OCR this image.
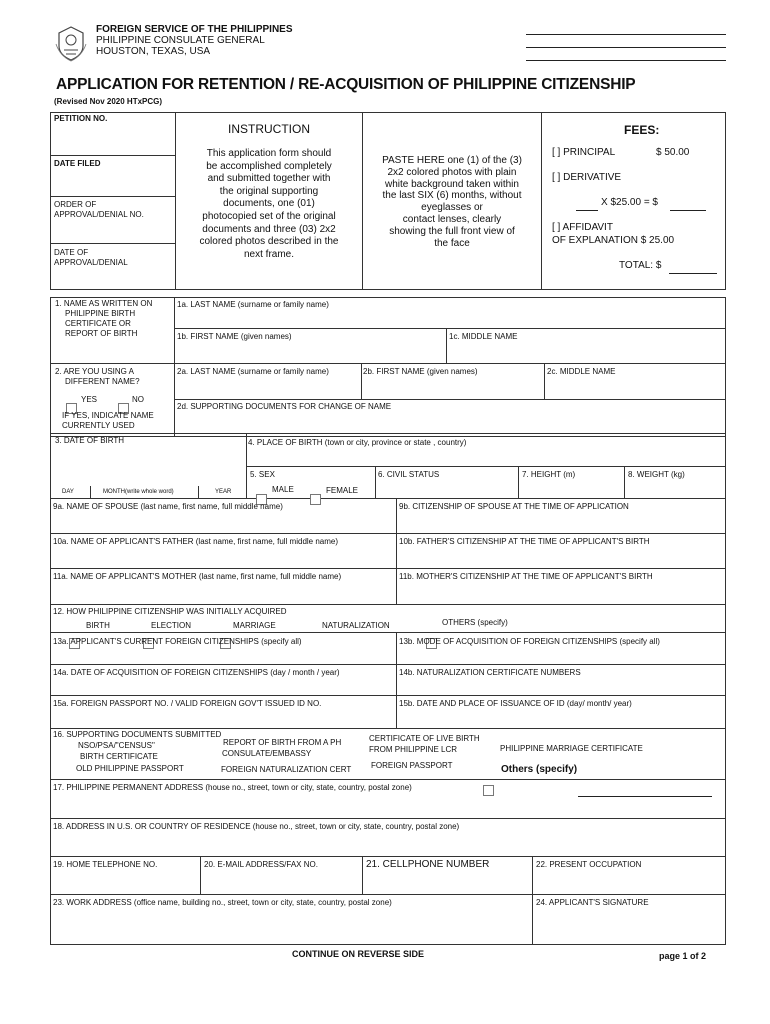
FOREIGN SERVICE OF THE PHILIPPINES
PHILIPPINE CONSULATE GENERAL
HOUSTON, TEXAS, USA
APPLICATION FOR RETENTION / RE-ACQUISITION OF PHILIPPINE CITIZENSHIP
(Revised Nov 2020 HTxPCG)
PETITION NO.
DATE FILED
ORDER OF
APPROVAL/DENIAL NO.
DATE OF
APPROVAL/DENIAL
INSTRUCTION
This application form should
be accomplished completely
and submitted together with
the original supporting
documents, one (01)
photocopied set of the original
documents and three (03) 2x2
colored photos described in the
next frame.
PASTE HERE one (1) of the (3)
2x2 colored photos with plain
white background taken within
the last SIX (6) months, without
eyeglasses or
contact lenses, clearly
showing the full front view of
the face
FEES:
[ ] PRINCIPAL	$ 50.00
[ ] DERIVATIVE
X $25.00 = $
[ ] AFFIDAVIT
OF EXPLANATION $ 25.00
TOTAL: $
1. NAME AS WRITTEN ON
PHILIPPINE BIRTH
CERTIFICATE OR
REPORT OF BIRTH
1a. LAST NAME (surname or family name)
1b. FIRST NAME (given names)	1c. MIDDLE NAME
2. ARE YOU USING A
DIFFERENT NAME?
YES	NO
IF YES, INDICATE NAME
CURRENTLY USED
2a. LAST NAME (surname or family name)	2b. FIRST NAME (given names)	2c. MIDDLE NAME
2d. SUPPORTING DOCUMENTS FOR CHANGE OF NAME
3. DATE OF BIRTH
DAY	MONTH(write whole word)	YEAR
4. PLACE OF BIRTH (town or city, province or state , country)
5. SEX
MALE	FEMALE
6. CIVIL STATUS	7. HEIGHT (m)	8. WEIGHT (kg)
9a. NAME OF SPOUSE (last name, first name, full middle name)	9b. CITIZENSHIP OF SPOUSE AT THE TIME OF APPLICATION
10a. NAME OF APPLICANT'S FATHER (last name, first name, full middle name)	10b. FATHER'S CITIZENSHIP AT THE TIME OF APPLICANT'S BIRTH
11a. NAME OF APPLICANT'S MOTHER (last name, first name, full middle name)	11b. MOTHER'S CITIZENSHIP AT THE TIME OF APPLICANT'S BIRTH
12. HOW PHILIPPINE CITIZENSHIP WAS INITIALLY ACQUIRED
BIRTH	ELECTION	MARRIAGE	NATURALIZATION	OTHERS (specify)
13a. APPLICANT'S CURRENT FOREIGN CITIZENSHIPS (specify all)	13b. MODE OF ACQUISITION OF FOREIGN CITIZENSHIPS (specify all)
14a. DATE OF ACQUISITION OF FOREIGN CITIZENSHIPS (day / month / year)	14b. NATURALIZATION CERTIFICATE NUMBERS
15a. FOREIGN PASSPORT NO. / VALID FOREIGN GOV'T ISSUED ID NO.	15b. DATE AND PLACE OF ISSUANCE OF ID (day/ month/ year)
16. SUPPORTING DOCUMENTS SUBMITTED
NSO/PSA/"CENSUS"
BIRTH CERTIFICATE
OLD PHILIPPINE PASSPORT
REPORT OF BIRTH FROM A PH
CONSULATE/EMBASSY
FOREIGN NATURALIZATION CERT
CERTIFICATE OF LIVE BIRTH
FROM PHILIPPINE LCR
FOREIGN PASSPORT
PHILIPPINE MARRIAGE CERTIFICATE
Others (specify)
17. PHILIPPINE PERMANENT ADDRESS (house no., street, town or city, state, country, postal zone)
18. ADDRESS IN U.S. OR COUNTRY OF RESIDENCE (house no., street, town or city, state, country, postal zone)
19. HOME TELEPHONE NO.	20. E-MAIL ADDRESS/FAX NO.	21. CELLPHONE NUMBER	22. PRESENT OCCUPATION
23. WORK ADDRESS (office name, building no., street, town or city, state, country, postal zone)	24. APPLICANT'S SIGNATURE
CONTINUE ON REVERSE SIDE	page 1 of 2
